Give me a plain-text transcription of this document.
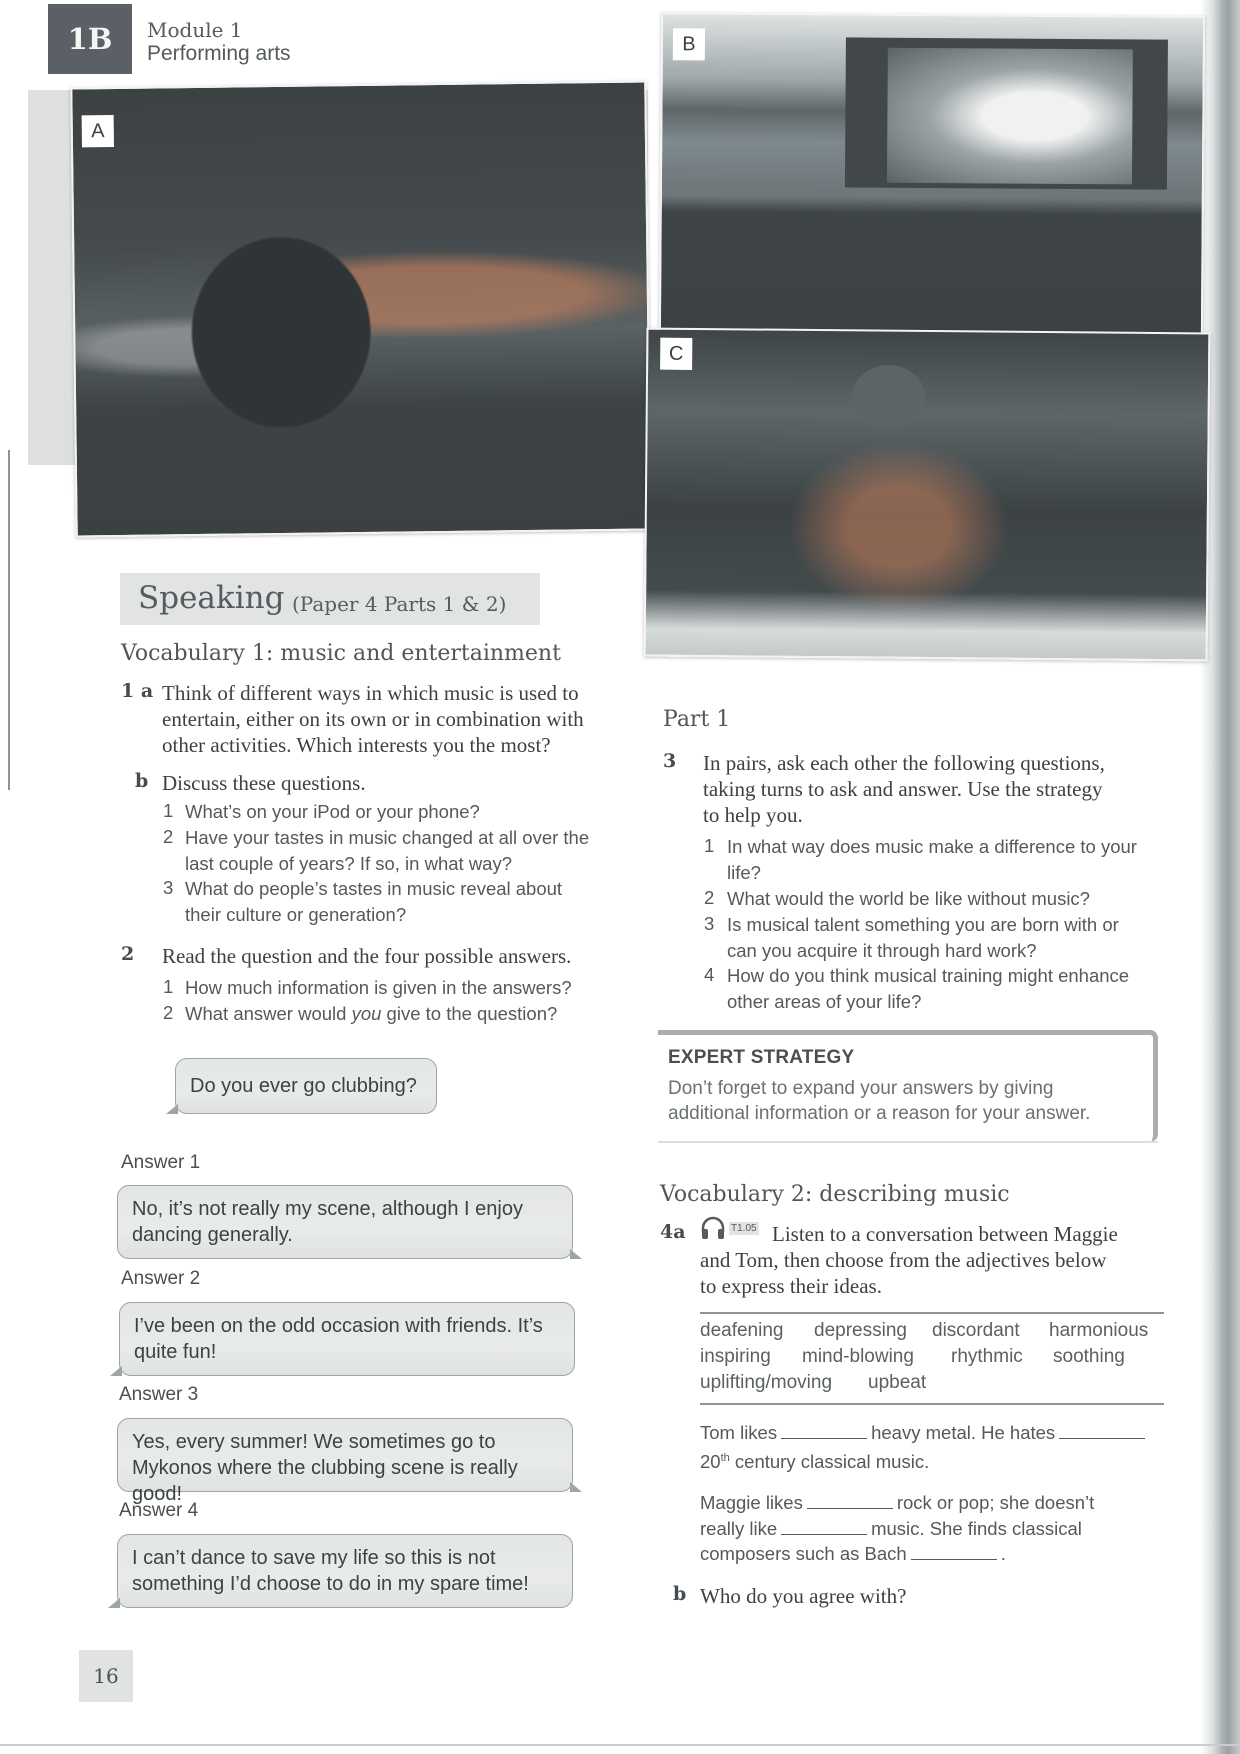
1B	Module 1
Performing arts
A
B
C
Speaking (Paper 4 Parts 1 & 2)
Vocabulary 1: music and entertainment
1 a Think of different ways in which music is used to
entertain, either on its own or in combination with
other activities. Which interests you the most?
b Discuss these questions.
1 What’s on your iPod or your phone?
2 Have your tastes in music changed at all over the
last couple of years? If so, in what way?
3 What do people’s tastes in music reveal about
their culture or generation?
2 Read the question and the four possible answers.
1 How much information is given in the answers?
2 What answer would you give to the question?
Do you ever go clubbing?
Answer 1
No, it’s not really my scene, although I enjoy
dancing generally.
Answer 2
I’ve been on the odd occasion with friends. It’s
quite fun!
Answer 3
Yes, every summer! We sometimes go to
Mykonos where the clubbing scene is really good!
Answer 4
I can’t dance to save my life so this is not
something I’d choose to do in my spare time!
Part 1
3 In pairs, ask each other the following questions,
taking turns to ask and answer. Use the strategy
to help you.
1 In what way does music make a difference to your
life?
2 What would the world be like without music?
3 Is musical talent something you are born with or
can you acquire it through hard work?
4 How do you think musical training might enhance
other areas of your life?
EXPERT STRATEGY
Don’t forget to expand your answers by giving
additional information or a reason for your answer.
Vocabulary 2: describing music
4a	T1.05 Listen to a conversation between Maggie
and Tom, then choose from the adjectives below
to express their ideas.
deafening depressing discordant harmonious
inspiring mind-blowing rhythmic soothing
uplifting/moving upbeat
Tom likes	heavy metal. He hates
20th century classical music.
Maggie likes	rock or pop; she doesn’t
really like	music. She finds classical
composers such as Bach	.
b Who do you agree with?
16
